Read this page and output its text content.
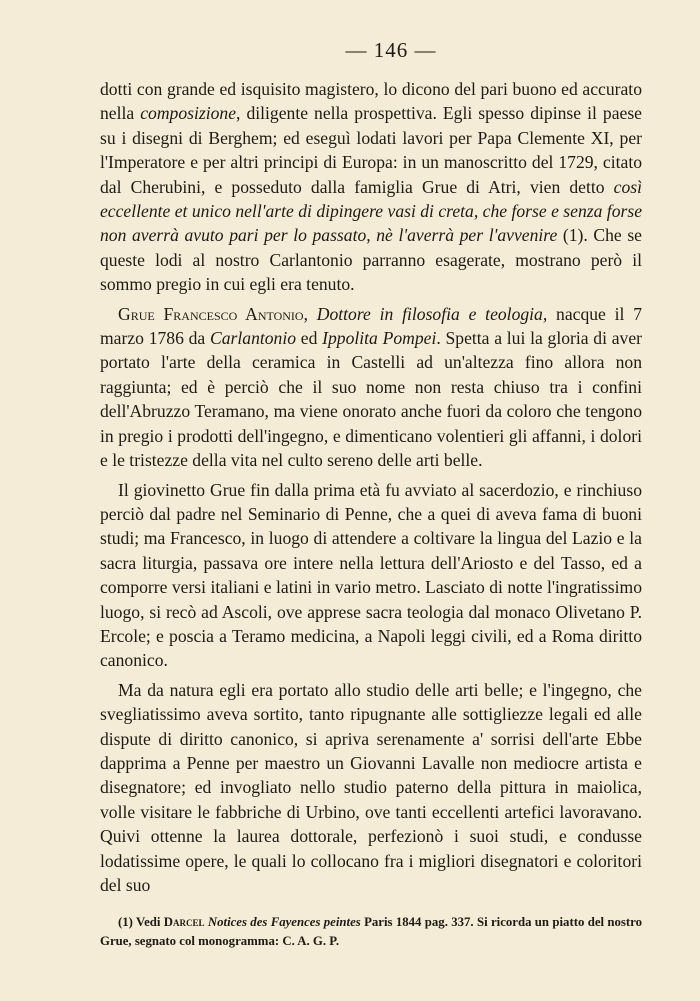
— 146 —

dotti con grande ed isquisito magistero, lo dicono del pari buono ed accurato nella composizione, diligente nella prospettiva. Egli spesso dipinse il paese su i disegni di Berghem; ed eseguì lodati lavori per Papa Clemente XI, per l'Imperatore e per altri principi di Europa: in un manoscritto del 1729, citato dal Cherubini, e posseduto dalla famiglia Grue di Atri, vien detto così eccellente et unico nell'arte di dipingere vasi di creta, che forse e senza forse non averrà avuto pari per lo passato, nè l'averrà per l'avvenire (1). Che se queste lodi al nostro Carlantonio parranno esagerate, mostrano però il sommo pregio in cui egli era tenuto.

Grue Francesco Antonio, Dottore in filosofia e teologia, nacque il 7 marzo 1786 da Carlantonio ed Ippolita Pompei. Spetta a lui la gloria di aver portato l'arte della ceramica in Castelli ad un'altezza fino allora non raggiunta; ed è perciò che il suo nome non resta chiuso tra i confini dell'Abruzzo Teramano, ma viene onorato anche fuori da coloro che tengono in pregio i prodotti dell'ingegno, e dimenticano volentieri gli affanni, i dolori e le tristezze della vita nel culto sereno delle arti belle.

Il giovinetto Grue fin dalla prima età fu avviato al sacerdozio, e rinchiuso perciò dal padre nel Seminario di Penne, che a quei di aveva fama di buoni studi; ma Francesco, in luogo di attendere a coltivare la lingua del Lazio e la sacra liturgia, passava ore intere nella lettura dell'Ariosto e del Tasso, ed a comporre versi italiani e latini in vario metro. Lasciato di notte l'ingratissimo luogo, si recò ad Ascoli, ove apprese sacra teologia dal monaco Olivetano P. Ercole; e poscia a Teramo medicina, a Napoli leggi civili, ed a Roma diritto canonico.

Ma da natura egli era portato allo studio delle arti belle; e l'ingegno, che svegliatissimo aveva sortito, tanto ripugnante alle sottigliezze legali ed alle dispute di diritto canonico, si apriva serenamente a' sorrisi dell'arte Ebbe dapprima a Penne per maestro un Giovanni Lavalle non mediocre artista e disegnatore; ed invogliato nello studio paterno della pittura in maiolica, volle visitare le fabbriche di Urbino, ove tanti eccellenti artefici lavoravano. Quivi ottenne la laurea dottorale, perfezionò i suoi studi, e condusse lodatissime opere, le quali lo collocano fra i migliori disegnatori e coloritori del suo

(1) Vedi Darcel Notices des Fayences peintes Paris 1844 pag. 337. Si ricorda un piatto del nostro Grue, segnato col monogramma: C. A. G. P.
